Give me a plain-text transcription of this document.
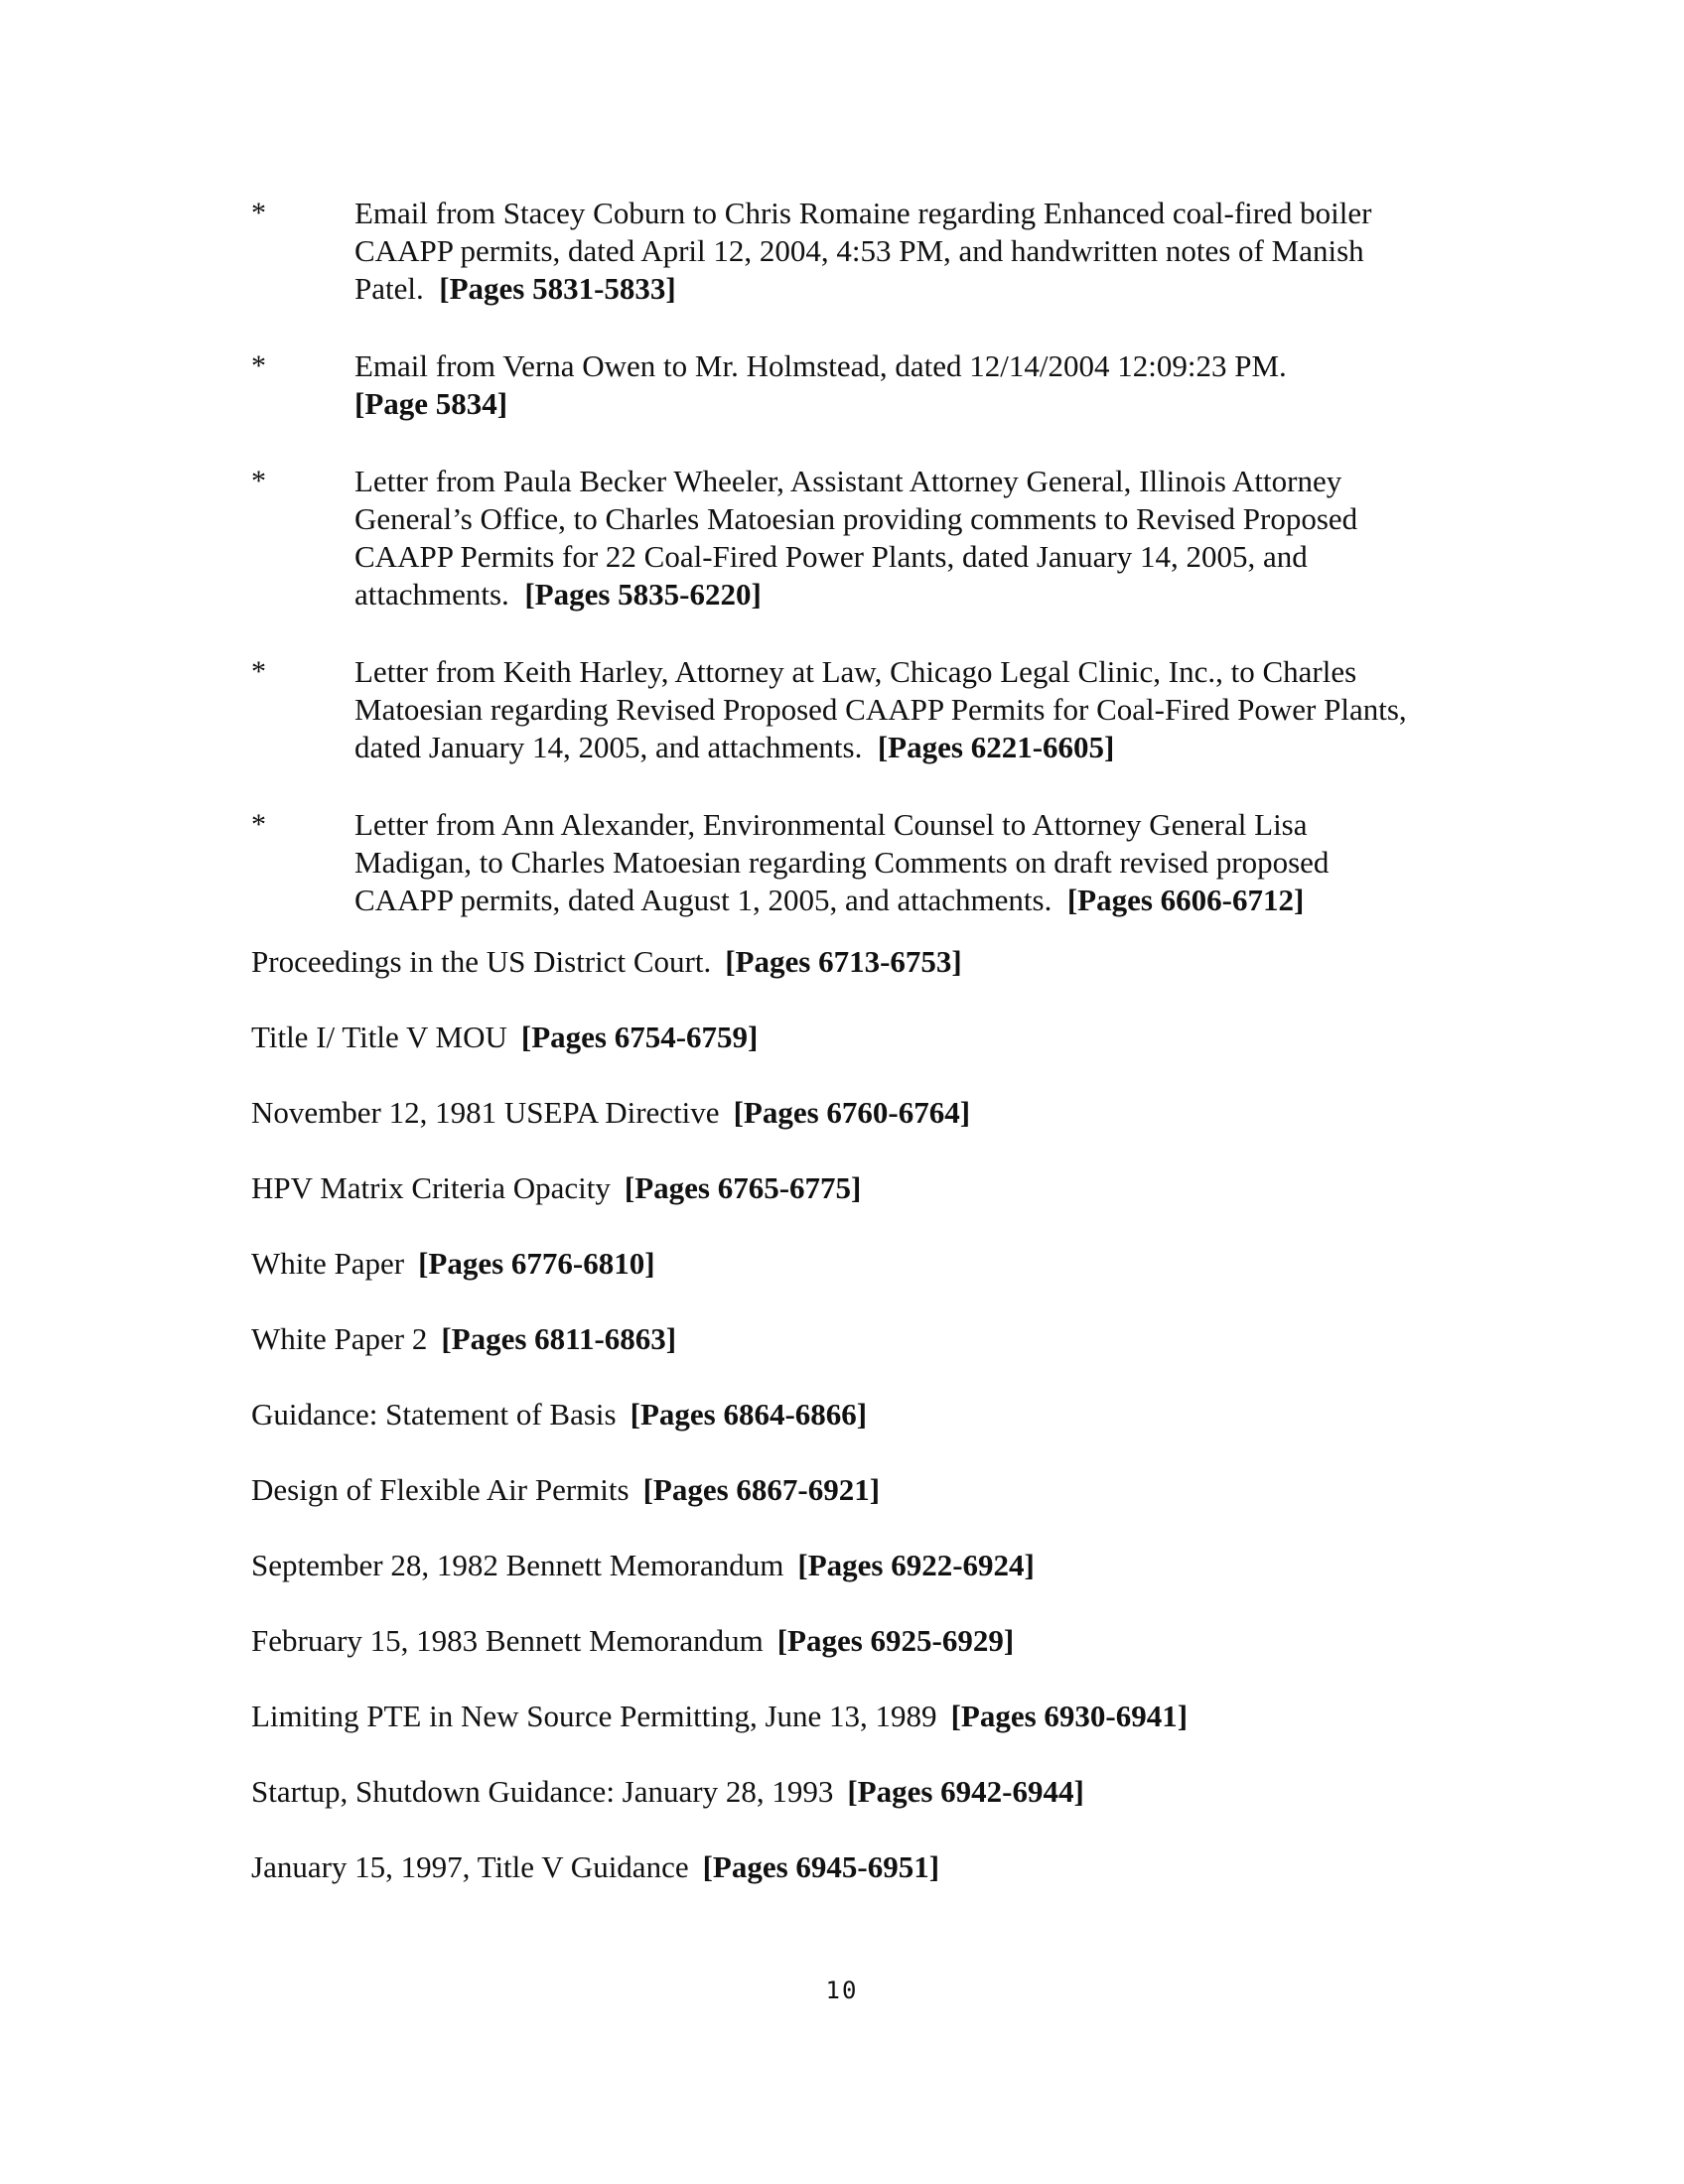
*	Email from Stacey Coburn to Chris Romaine regarding Enhanced coal-fired boiler CAAPP permits, dated April 12, 2004, 4:53 PM, and handwritten notes of Manish Patel. [Pages 5831-5833]
*	Email from Verna Owen to Mr. Holmstead, dated 12/14/2004 12:09:23 PM.
[Page 5834]
*	Letter from Paula Becker Wheeler, Assistant Attorney General, Illinois Attorney General’s Office, to Charles Matoesian providing comments to Revised Proposed CAAPP Permits for 22 Coal-Fired Power Plants, dated January 14, 2005, and attachments. [Pages 5835-6220]
*	Letter from Keith Harley, Attorney at Law, Chicago Legal Clinic, Inc., to Charles Matoesian regarding Revised Proposed CAAPP Permits for Coal-Fired Power Plants, dated January 14, 2005, and attachments. [Pages 6221-6605]
*	Letter from Ann Alexander, Environmental Counsel to Attorney General Lisa Madigan, to Charles Matoesian regarding Comments on draft revised proposed CAAPP permits, dated August 1, 2005, and attachments. [Pages 6606-6712]
Proceedings in the US District Court. [Pages 6713-6753]
Title I/ Title V MOU [Pages 6754-6759]
November 12, 1981 USEPA Directive [Pages 6760-6764]
HPV Matrix Criteria Opacity [Pages 6765-6775]
White Paper [Pages 6776-6810]
White Paper 2 [Pages 6811-6863]
Guidance: Statement of Basis [Pages 6864-6866]
Design of Flexible Air Permits [Pages 6867-6921]
September 28, 1982 Bennett Memorandum [Pages 6922-6924]
February 15, 1983 Bennett Memorandum [Pages 6925-6929]
Limiting PTE in New Source Permitting, June 13, 1989 [Pages 6930-6941]
Startup, Shutdown Guidance: January 28, 1993 [Pages 6942-6944]
January 15, 1997, Title V Guidance [Pages 6945-6951]
10
